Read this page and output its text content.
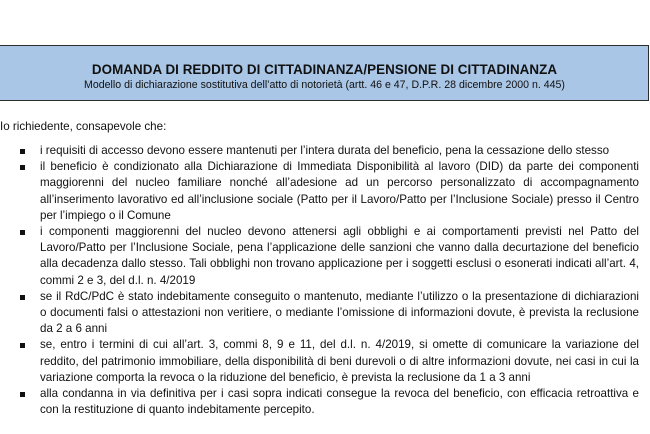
DOMANDA DI REDDITO DI CITTADINANZA/PENSIONE DI CITTADINANZA
Modello di dichiarazione sostitutiva dell’atto di notorietà (artt. 46 e 47, D.P.R. 28 dicembre 2000 n. 445)
Io richiedente, consapevole che:
i requisiti di accesso devono essere mantenuti per l’intera durata del beneficio, pena la cessazione dello stesso
il beneficio è condizionato alla Dichiarazione di Immediata Disponibilità al lavoro (DID) da parte dei componenti maggiorenni del nucleo familiare nonché all’adesione ad un percorso personalizzato di accompagnamento all’inserimento lavorativo ed all’inclusione sociale (Patto per il Lavoro/Patto per l’Inclusione Sociale) presso il Centro per l’impiego o il Comune
i componenti maggiorenni del nucleo devono attenersi agli obblighi e ai comportamenti previsti nel Patto del Lavoro/Patto per l’Inclusione Sociale, pena l’applicazione delle sanzioni che vanno dalla decurtazione del beneficio alla decadenza dallo stesso. Tali obblighi non trovano applicazione per i soggetti esclusi o esonerati indicati all’art. 4, commi 2 e 3, del d.l. n. 4/2019
se il RdC/PdC è stato indebitamente conseguito o mantenuto, mediante l’utilizzo o la presentazione di dichiarazioni o documenti falsi o attestazioni non veritiere, o mediante l’omissione di informazioni dovute, è prevista la reclusione da 2 a 6 anni
se, entro i termini di cui all’art. 3, commi 8, 9 e 11, del d.l. n. 4/2019, si omette di comunicare la variazione del reddito, del patrimonio immobiliare, della disponibilità di beni durevoli o di altre informazioni dovute, nei casi in cui la variazione comporta la revoca o la riduzione del beneficio, è prevista la reclusione da 1 a 3 anni
alla condanna in via definitiva per i casi sopra indicati consegue la revoca del beneficio, con efficacia retroattiva e con la restituzione di quanto indebitamente percepito.
